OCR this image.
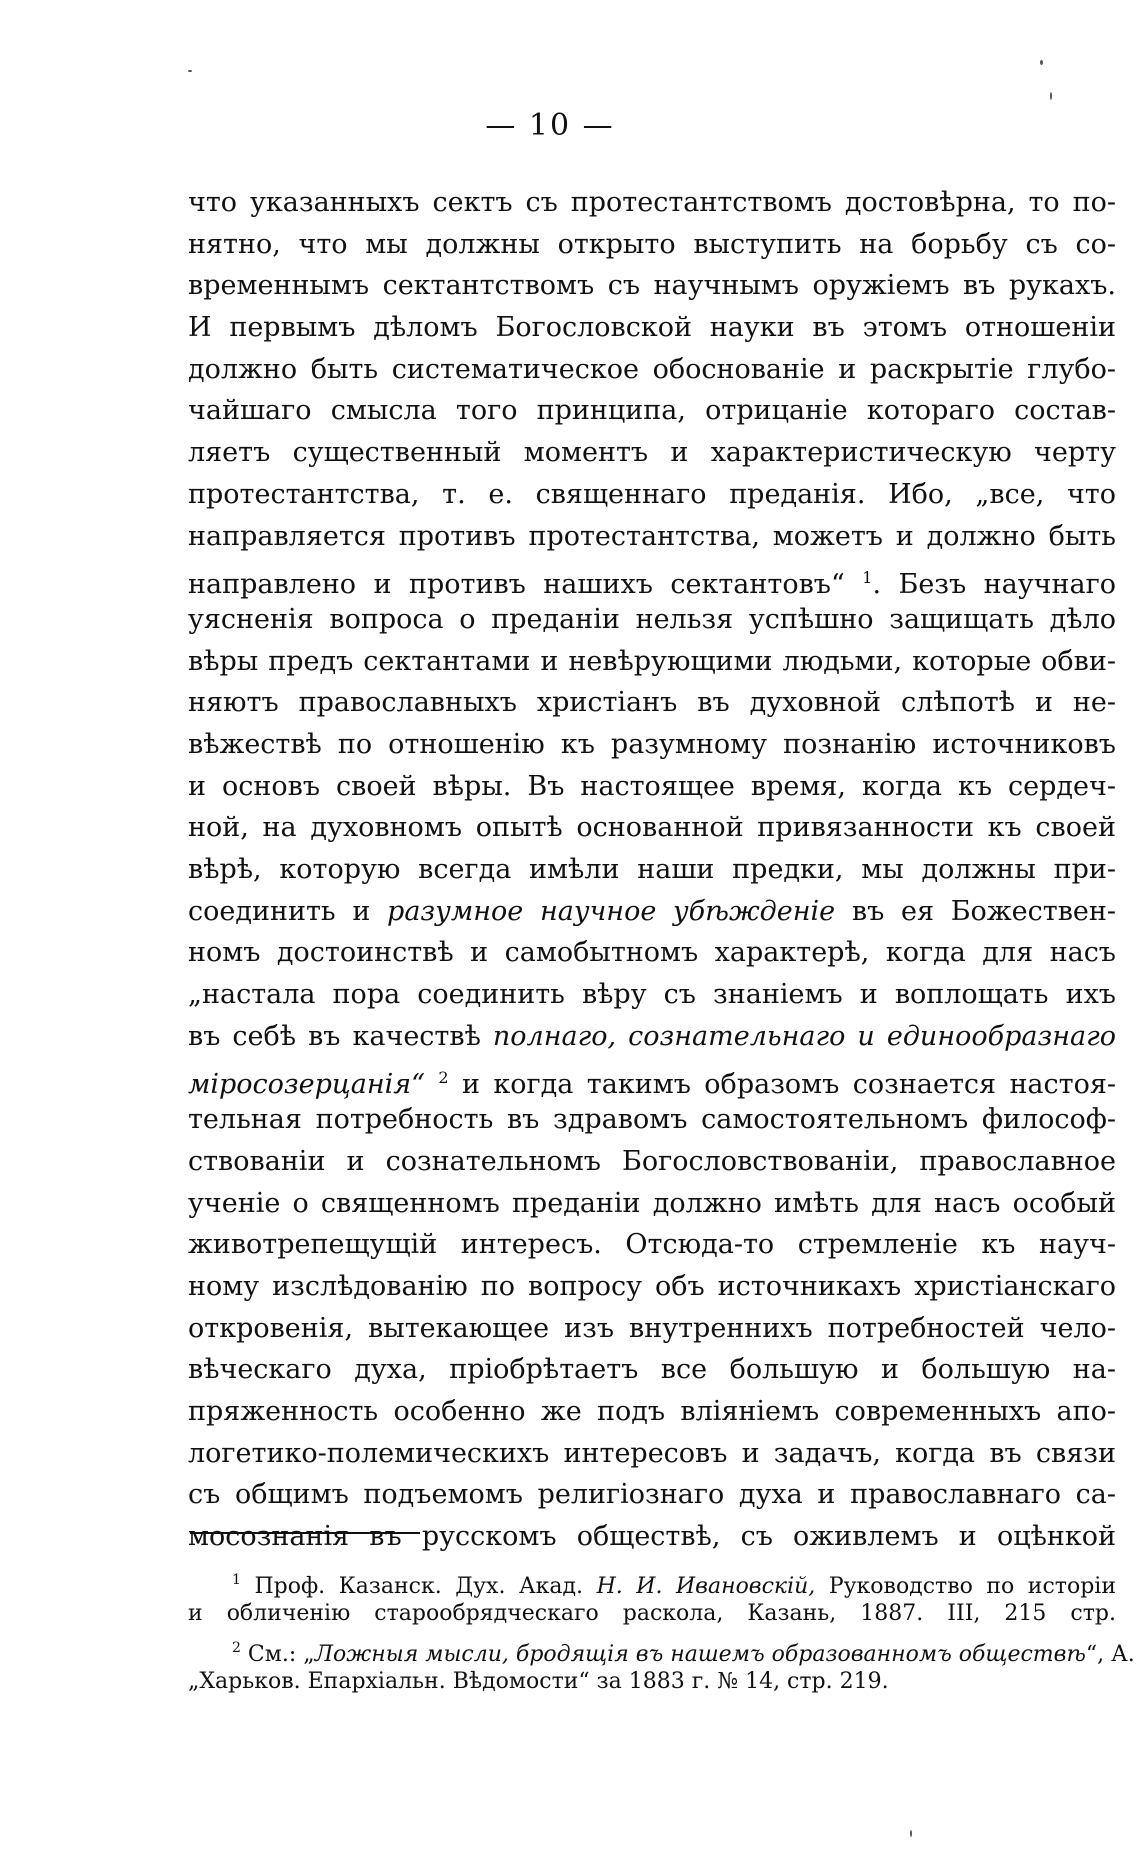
— 10 —
что указанныхъ сектъ съ протестантствомъ достовѣрна, то по-
нятно, что мы должны открыто выступить на борьбу съ со-
временнымъ сектантствомъ съ научнымъ оружіемъ въ рукахъ.
И первымъ дѣломъ Богословской науки въ этомъ отношеніи
должно быть систематическое обоснованіе и раскрытіе глубо-
чайшаго смысла того принципа, отрицаніе котораго состав-
ляетъ существенный моментъ и характеристическую черту
протестантства, т. е. священнаго преданія. Ибо, „все, что
направляется противъ протестантства, можетъ и должно быть
направлено и противъ нашихъ сектантовъ“ $^1$. Безъ научнаго
уясненія вопроса о преданіи нельзя успѣшно защищать дѣло
вѣры предъ сектантами и невѣрующими людьми, которые обви-
няютъ православныхъ христіанъ въ духовной слѣпотѣ и не-
вѣжествѣ по отношенію къ разумному познанію источниковъ
и основъ своей вѣры. Въ настоящее время, когда къ сердеч-
ной, на духовномъ опытѣ основанной привязанности къ своей
вѣрѣ, которую всегда имѣли наши предки, мы должны при-
соединить и разумное научное убѣжденіе въ ея Божествен-
номъ достоинствѣ и самобытномъ характерѣ, когда для насъ
„настала пора соединить вѣру съ знаніемъ и воплощать ихъ
въ себѣ въ качествѣ полнаго, сознательнаго и единообразнаго
міросозерцанія“ $^2$ и когда такимъ образомъ сознается настоя-
тельная потребность въ здравомъ самостоятельномъ философ-
ствованіи и сознательномъ Богословствованіи, православное
ученіе о священномъ преданіи должно имѣть для насъ особый
животрепещущій интересъ. Отсюда-то стремленіе къ науч-
ному изслѣдованію по вопросу объ источникахъ христіанскаго
откровенія, вытекающее изъ внутреннихъ потребностей чело-
вѣческаго духа, пріобрѣтаетъ все большую и большую на-
пряженность особенно же подъ вліяніемъ современныхъ апо-
логетико-полемическихъ интересовъ и задачъ, когда въ связи
съ общимъ подъемомъ религіознаго духа и православнаго са-
мосознанія въ русскомъ обществѣ, съ оживлемъ и оцѣнкой
$^1$ Проф. Казанск. Дух. Акад. Н. И. Ивановскій, Руководство по исторіи
и обличенію старообрядческаго раскола, Казань, 1887. III, 215 стр.
$^2$ См.: „Ложныя мысли, бродящія въ нашемъ образованномъ обществѣ“, А.
„Харьков. Епархіальн. Вѣдомости“ за 1883 г. № 14, стр. 219.
